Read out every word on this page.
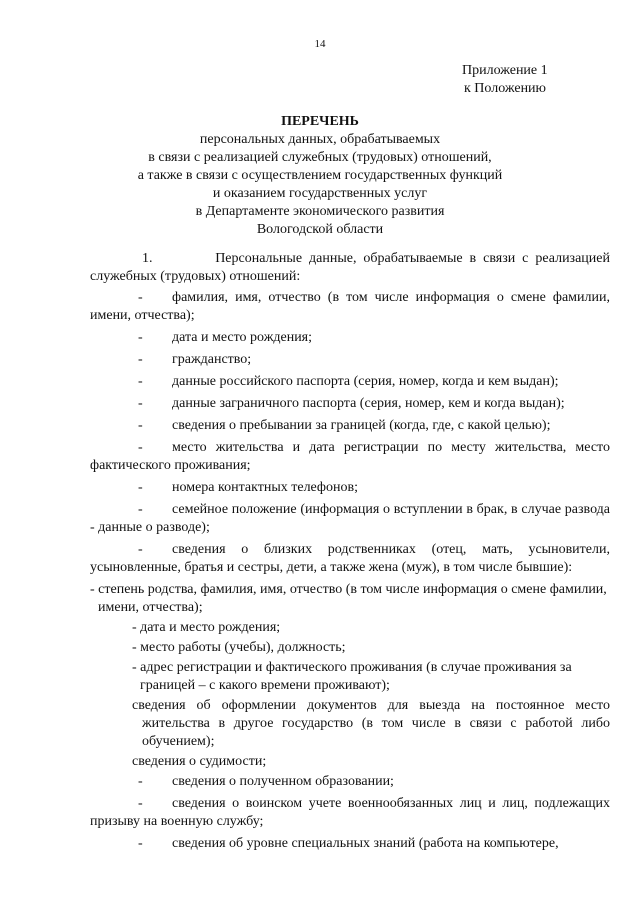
14
Приложение 1
к Положению
ПЕРЕЧЕНЬ
персональных данных, обрабатываемых
в связи с реализацией служебных (трудовых) отношений,
а также в связи с осуществлением государственных функций
и оказанием государственных услуг
в Департаменте экономического развития
Вологодской области
1.	Персональные данные, обрабатываемые в связи с реализацией служебных (трудовых) отношений:
- фамилия, имя, отчество (в том числе информация о смене фамилии, имени, отчества);
- дата и место рождения;
- гражданство;
- данные российского паспорта (серия, номер, когда и кем выдан);
- данные заграничного паспорта (серия, номер, кем и когда выдан);
- сведения о пребывании за границей (когда, где, с какой целью);
- место жительства и дата регистрации по месту жительства, место фактического проживания;
- номера контактных телефонов;
- семейное положение (информация о вступлении в брак, в случае развода - данные о разводе);
- сведения о близких родственниках (отец, мать, усыновители, усыновленные, братья и сестры, дети, а также жена (муж), в том числе бывшие):
- степень родства, фамилия, имя, отчество (в том числе информация о смене фамилии, имени, отчества);
- дата и место рождения;
- место работы (учебы), должность;
- адрес регистрации и фактического проживания (в случае проживания за границей – с какого времени проживают);
сведения об оформлении документов для выезда на постоянное место жительства в другое государство (в том числе в связи с работой либо обучением);
сведения о судимости;
- сведения о полученном образовании;
- сведения о воинском учете военнообязанных лиц и лиц, подлежащих призыву на военную службу;
- сведения об уровне специальных знаний (работа на компьютере,
